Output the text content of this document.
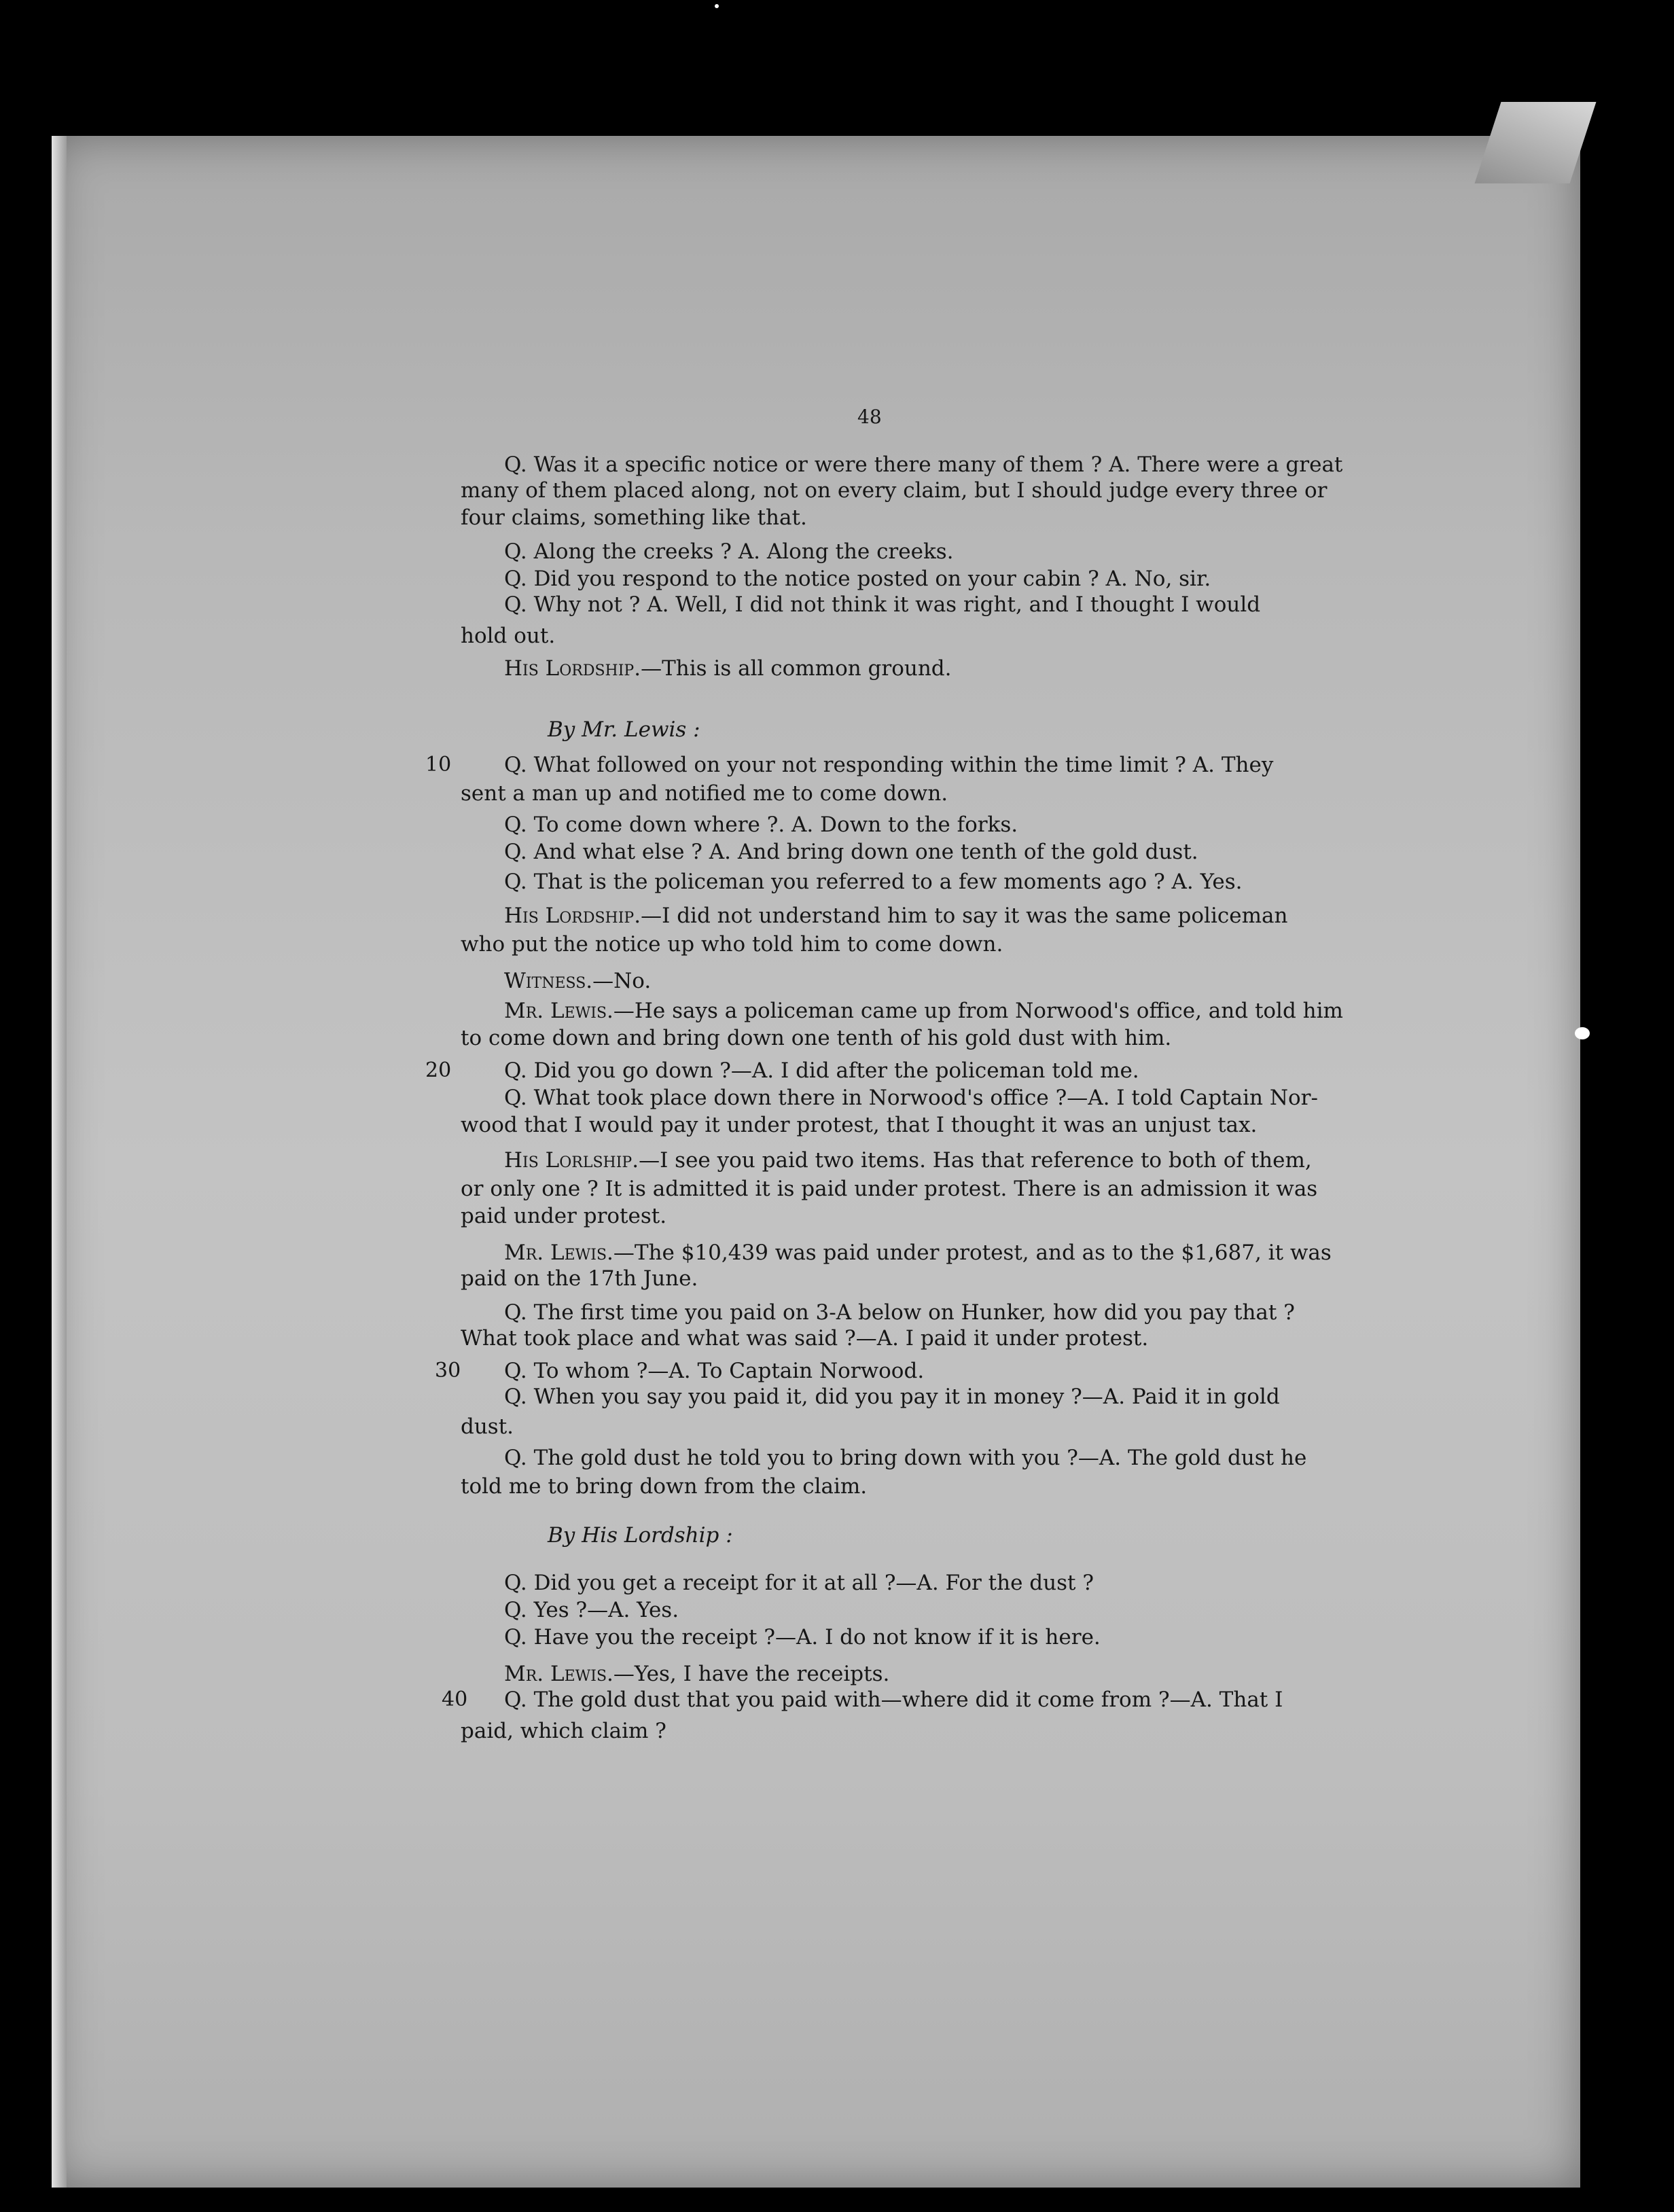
48
Q. Was it a specific notice or were there many of them ? A. There were a great
many of them placed along, not on every claim, but I should judge every three or
four claims, something like that.
Q. Along the creeks ? A. Along the creeks.
Q. Did you respond to the notice posted on your cabin ? A. No, sir.
Q. Why not ? A. Well, I did not think it was right, and I thought I would
hold out.
His Lordship.—This is all common ground.
By Mr. Lewis :
Q. What followed on your not responding within the time limit ? A. They
10
sent a man up and notified me to come down.
Q. To come down where ?. A. Down to the forks.
Q. And what else ? A. And bring down one tenth of the gold dust.
Q. That is the policeman you referred to a few moments ago ? A. Yes.
His Lordship.—I did not understand him to say it was the same policeman
who put the notice up who told him to come down.
Witness.—No.
Mr. Lewis.—He says a policeman came up from Norwood's office, and told him
to come down and bring down one tenth of his gold dust with him.
Q. Did you go down ?—A. I did after the policeman told me.
20
Q. What took place down there in Norwood's office ?—A. I told Captain Nor-
wood that I would pay it under protest, that I thought it was an unjust tax.
His Lorlship.—I see you paid two items. Has that reference to both of them,
or only one ? It is admitted it is paid under protest. There is an admission it was
paid under protest.
Mr. Lewis.—The $10,439 was paid under protest, and as to the $1,687, it was
paid on the 17th June.
Q. The first time you paid on 3-A below on Hunker, how did you pay that ?
What took place and what was said ?—A. I paid it under protest.
Q. To whom ?—A. To Captain Norwood.
30
Q. When you say you paid it, did you pay it in money ?—A. Paid it in gold
dust.
Q. The gold dust he told you to bring down with you ?—A. The gold dust he
told me to bring down from the claim.
By His Lordship :
Q. Did you get a receipt for it at all ?—A. For the dust ?
Q. Yes ?—A. Yes.
Q. Have you the receipt ?—A. I do not know if it is here.
Mr. Lewis.—Yes, I have the receipts.
Q. The gold dust that you paid with—where did it come from ?—A. That I
40
paid, which claim ?
